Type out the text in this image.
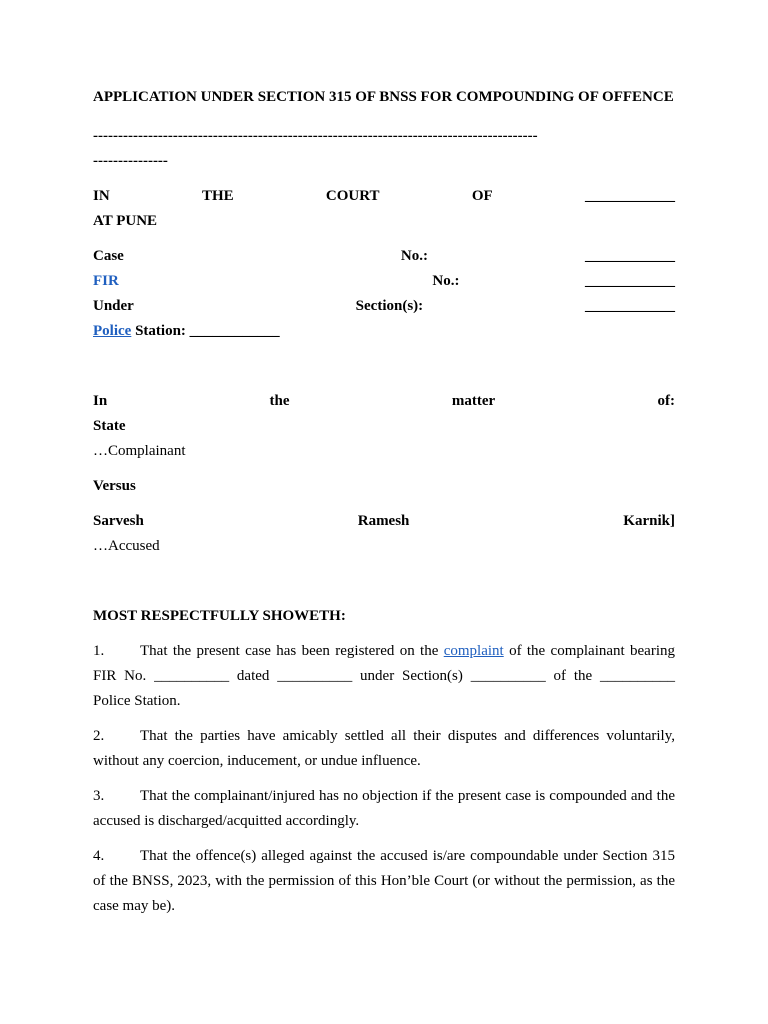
APPLICATION UNDER SECTION 315 OF BNSS FOR COMPOUNDING OF OFFENCE

-----------------------------------------------------------------------------------------
---------------
IN	THE	COURT	OF	____________
AT PUNE
Case	No.:	____________
FIR	No.:	____________
Under	Section(s):	____________
Police Station: ____________
In	the	matter	of:
State
…Complainant
Versus
Sarvesh	Ramesh	Karnik]
…Accused
MOST RESPECTFULLY SHOWETH:

1. That the present case has been registered on the complaint of the complainant bearing FIR No. __________ dated __________ under Section(s) __________ of the __________ Police Station.

2. That the parties have amicably settled all their disputes and differences voluntarily, without any coercion, inducement, or undue influence.

3. That the complainant/injured has no objection if the present case is compounded and the accused is discharged/acquitted accordingly.

4. That the offence(s) alleged against the accused is/are compoundable under Section 315 of the BNSS, 2023, with the permission of this Hon’ble Court (or without the permission, as the case may be).
